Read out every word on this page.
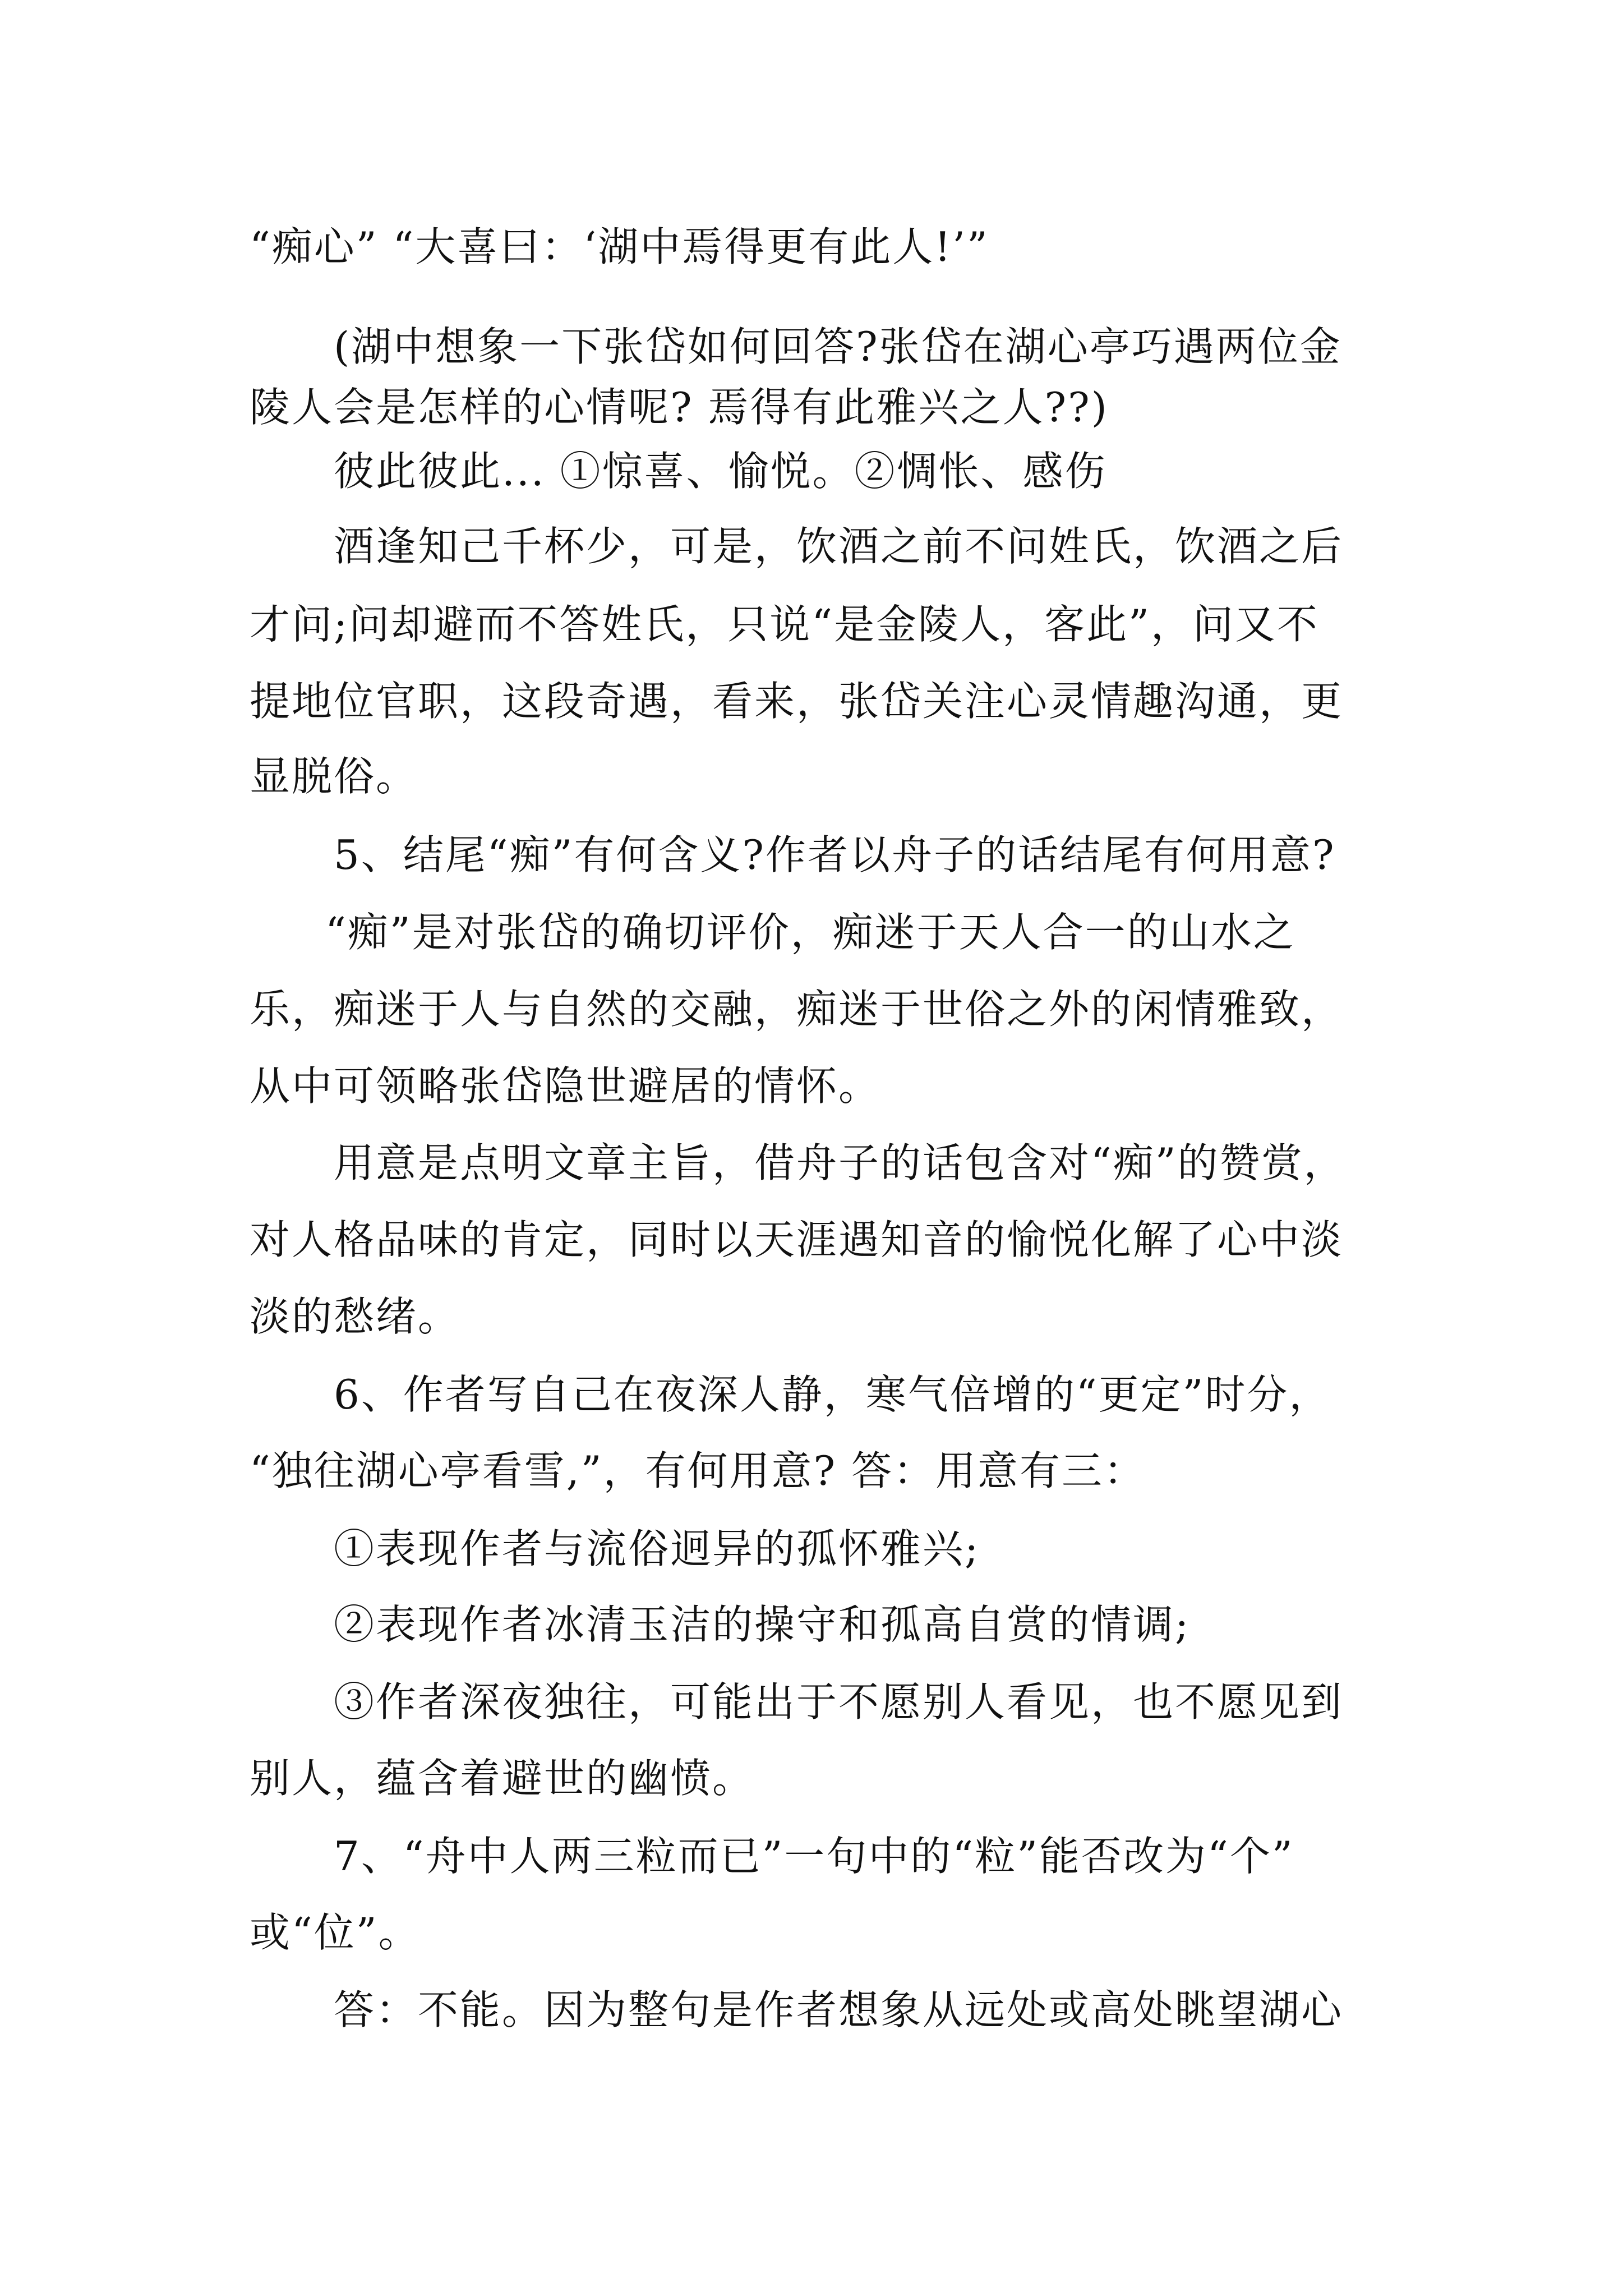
“痴心” “大喜曰：‘湖中焉得更有此人!’”
(湖中想象一下张岱如何回答?张岱在湖心亭巧遇两位金
陵人会是怎样的心情呢? 焉得有此雅兴之人??)
彼此彼此... ①惊喜、愉悦。②惆怅、感伤
酒逢知己千杯少，可是，饮酒之前不问姓氏，饮酒之后
才问;问却避而不答姓氏，只说“是金陵人，客此”，问又不
提地位官职，这段奇遇，看来，张岱关注心灵情趣沟通，更
显脱俗。
5、结尾“痴”有何含义?作者以舟子的话结尾有何用意?
“痴”是对张岱的确切评价，痴迷于天人合一的山水之
乐，痴迷于人与自然的交融，痴迷于世俗之外的闲情雅致，
从中可领略张岱隐世避居的情怀。
用意是点明文章主旨，借舟子的话包含对“痴”的赞赏，
对人格品味的肯定，同时以天涯遇知音的愉悦化解了心中淡
淡的愁绪。
6、作者写自己在夜深人静，寒气倍增的“更定”时分，
“独往湖心亭看雪,”，有何用意? 答：用意有三：
①表现作者与流俗迥异的孤怀雅兴;
②表现作者冰清玉洁的操守和孤高自赏的情调;
③作者深夜独往，可能出于不愿别人看见，也不愿见到
别人，蕴含着避世的幽愤。
7、“舟中人两三粒而已”一句中的“粒”能否改为“个”
或“位”。
答：不能。因为整句是作者想象从远处或高处眺望湖心
